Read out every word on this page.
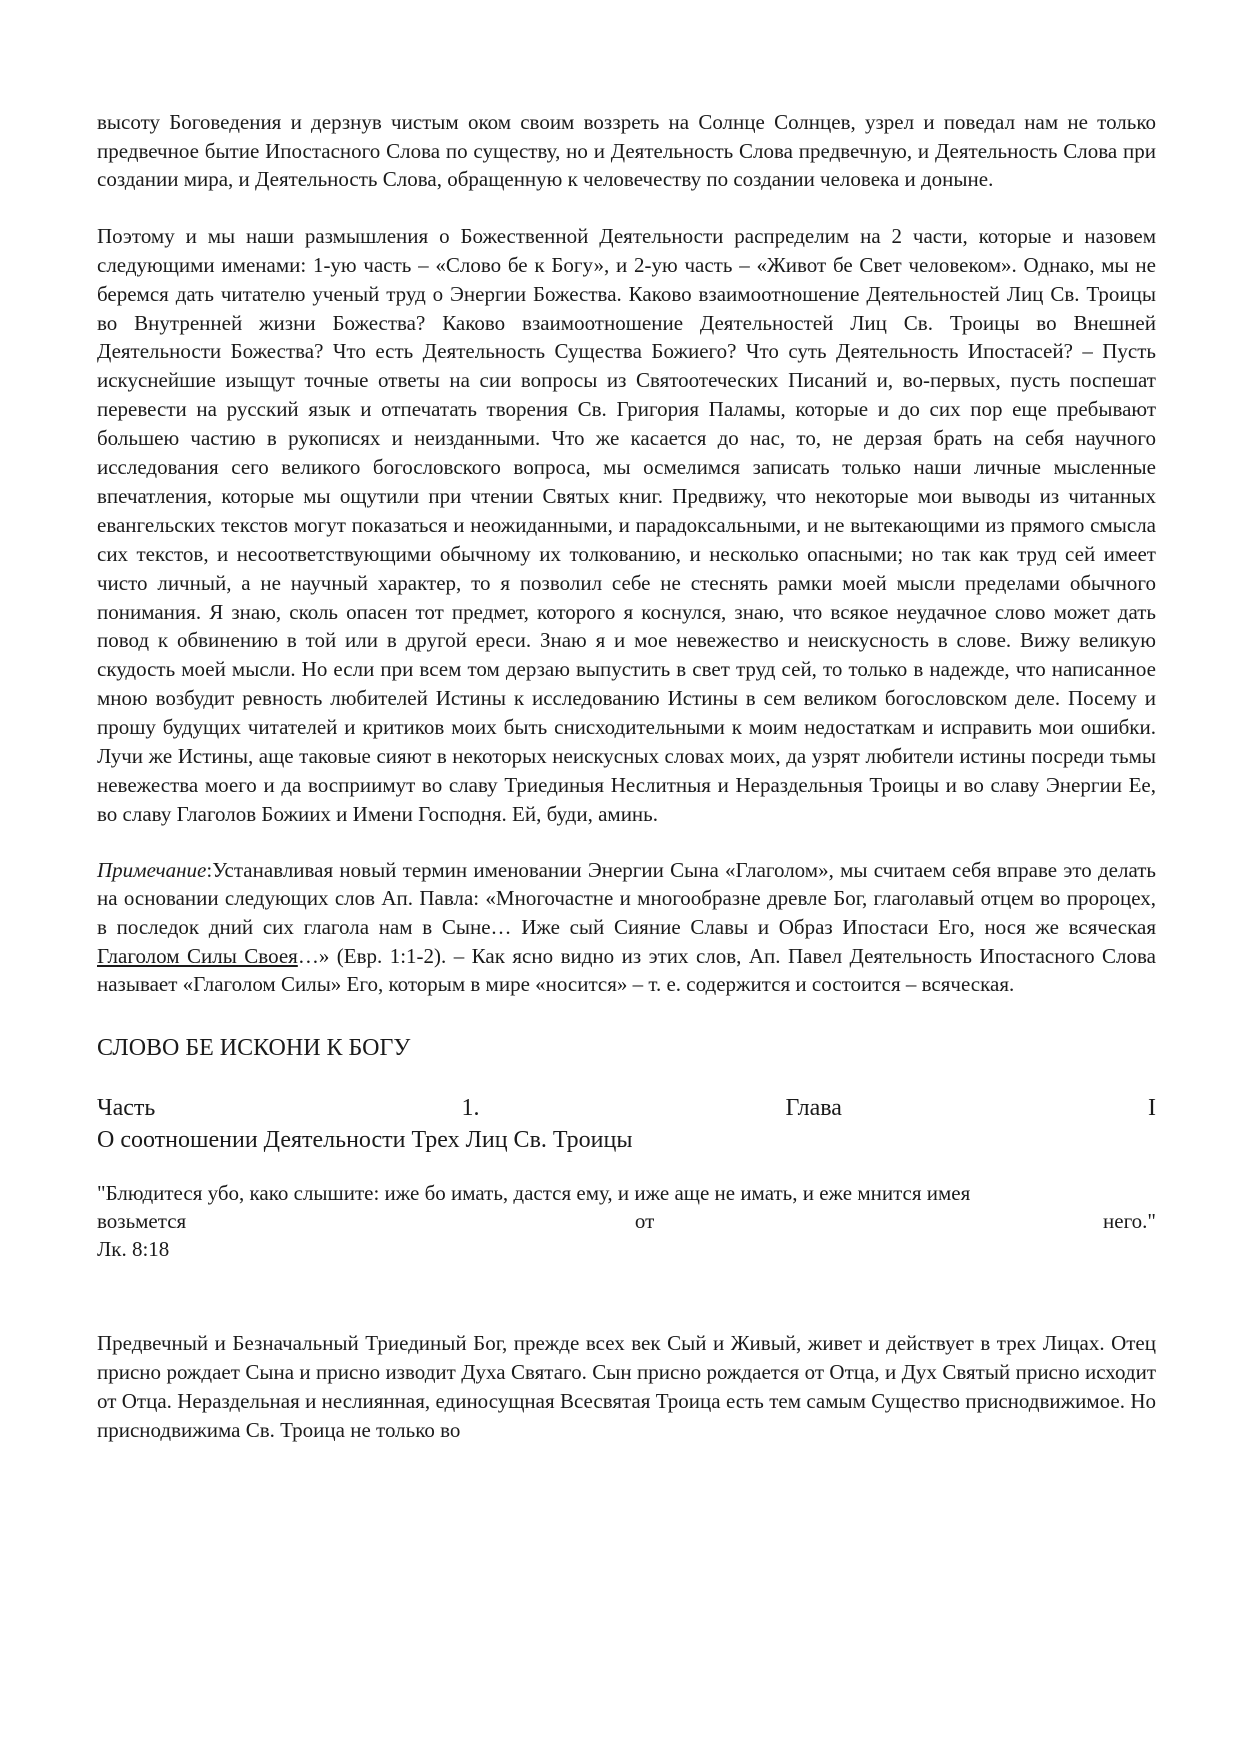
высоту Боговедения и дерзнув чистым оком своим воззреть на Солнце Солнцев, узрел и поведал нам не только предвечное бытие Ипостасного Слова по существу, но и Деятельность Слова предвечную, и Деятельность Слова при создании мира, и Деятельность Слова, обращенную к человечеству по создании человека и доныне.

Поэтому и мы наши размышления о Божественной Деятельности распределим на 2 части, которые и назовем следующими именами: 1-ую часть – «Слово бе к Богу», и 2-ую часть – «Живот бе Свет человеком». Однако, мы не беремся дать читателю ученый труд о Энергии Божества. Каково взаимоотношение Деятельностей Лиц Св. Троицы во Внутренней жизни Божества? Каково взаимоотношение Деятельностей Лиц Св. Троицы во Внешней Деятельности Божества? Что есть Деятельность Существа Божиего? Что суть Деятельность Ипостасей? – Пусть искуснейшие изыщут точные ответы на сии вопросы из Святоотеческих Писаний и, во-первых, пусть поспешат перевести на русский язык и отпечатать творения Св. Григория Паламы, которые и до сих пор еще пребывают большею частию в рукописях и неизданными. Что же касается до нас, то, не дерзая брать на себя научного исследования сего великого богословского вопроса, мы осмелимся записать только наши личные мысленные впечатления, которые мы ощутили при чтении Святых книг. Предвижу, что некоторые мои выводы из читанных евангельских текстов могут показаться и неожиданными, и парадоксальными, и не вытекающими из прямого смысла сих текстов, и несоответствующими обычному их толкованию, и несколько опасными; но так как труд сей имеет чисто личный, а не научный характер, то я позволил себе не стеснять рамки моей мысли пределами обычного понимания. Я знаю, сколь опасен тот предмет, которого я коснулся, знаю, что всякое неудачное слово может дать повод к обвинению в той или в другой ереси. Знаю я и мое невежество и неискусность в слове. Вижу великую скудость моей мысли. Но если при всем том дерзаю выпустить в свет труд сей, то только в надежде, что написанное мною возбудит ревность любителей Истины к исследованию Истины в сем великом богословском деле. Посему и прошу будущих читателей и критиков моих быть снисходительными к моим недостаткам и исправить мои ошибки. Лучи же Истины, аще таковые сияют в некоторых неискусных словах моих, да узрят любители истины посреди тьмы невежества моего и да восприимут во славу Триединыя Неслитныя и Нераздельныя Троицы и во славу Энергии Ее, во славу Глаголов Божиих и Имени Господня. Ей, буди, аминь.

Примечание:Устанавливая новый термин именовании Энергии Сына «Глаголом», мы считаем себя вправе это делать на основании следующих слов Ап. Павла: «Многочастне и многообразне древле Бог, глаголавый отцем во пророцех, в последок дний сих глагола нам в Сыне… Иже сый Сияние Славы и Образ Ипостаси Его, нося же всяческая Глаголом Силы Своея…» (Евр. 1:1-2). – Как ясно видно из этих слов, Ап. Павел Деятельность Ипостасного Слова называет «Глаголом Силы» Его, которым в мире «носится» – т. е. содержится и состоится – всяческая.

СЛОВО БЕ ИСКОНИ К БОГУ
Часть	1.	Глава	I

О соотношении Деятельности Трех Лиц Св. Троицы

"Блюдитеся убо, како слышите: иже бо имать, дастся ему, и иже аще не имать, и еже мнится имея

возьмется	от	него."

Лк. 8:18

Предвечный и Безначальный Триединый Бог, прежде всех век Сый и Живый, живет и действует в трех Лицах. Отец присно рождает Сына и присно изводит Духа Святаго. Сын присно рождается от Отца, и Дух Святый присно исходит от Отца. Нераздельная и неслиянная, единосущная Всесвятая Троица есть тем самым Существо приснодвижимое. Но приснодвижима Св. Троица не только во
